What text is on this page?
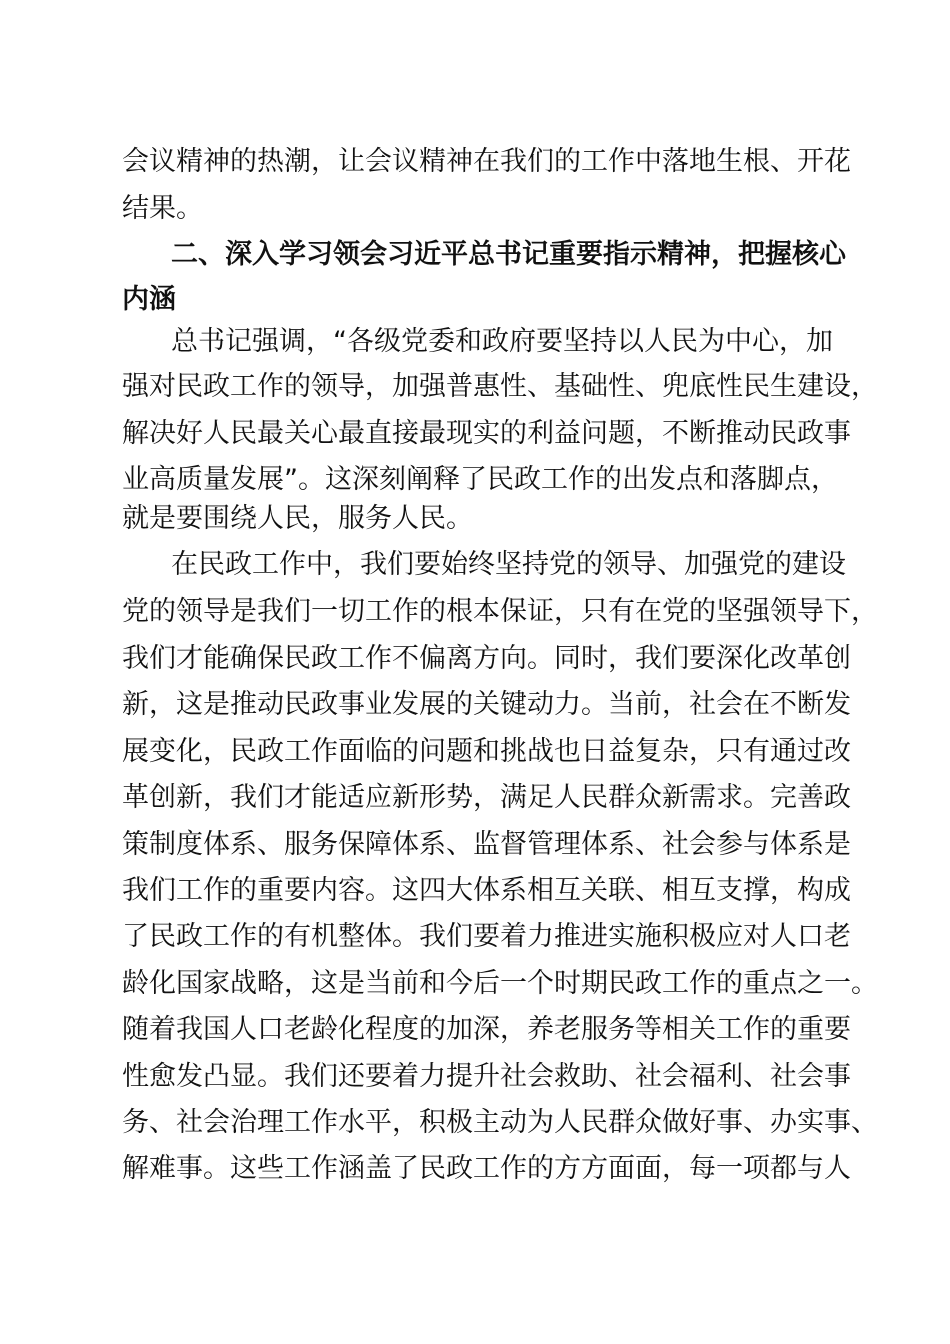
会议精神的热潮，让会议精神在我们的工作中落地生根、开花
结果。
二、深入学习领会习近平总书记重要指示精神，把握核心
内涵
总书记强调，“各级党委和政府要坚持以人民为中心，加
强对民政工作的领导，加强普惠性、基础性、兜底性民生建设，
解决好人民最关心最直接最现实的利益问题，不断推动民政事
业高质量发展”。这深刻阐释了民政工作的出发点和落脚点，
就是要围绕人民，服务人民。
在民政工作中，我们要始终坚持党的领导、加强党的建设
党的领导是我们一切工作的根本保证，只有在党的坚强领导下，
我们才能确保民政工作不偏离方向。同时，我们要深化改革创
新，这是推动民政事业发展的关键动力。当前，社会在不断发
展变化，民政工作面临的问题和挑战也日益复杂，只有通过改
革创新，我们才能适应新形势，满足人民群众新需求。完善政
策制度体系、服务保障体系、监督管理体系、社会参与体系是
我们工作的重要内容。这四大体系相互关联、相互支撑，构成
了民政工作的有机整体。我们要着力推进实施积极应对人口老
龄化国家战略，这是当前和今后一个时期民政工作的重点之一。
随着我国人口老龄化程度的加深，养老服务等相关工作的重要
性愈发凸显。我们还要着力提升社会救助、社会福利、社会事
务、社会治理工作水平，积极主动为人民群众做好事、办实事、
解难事。这些工作涵盖了民政工作的方方面面，每一项都与人
